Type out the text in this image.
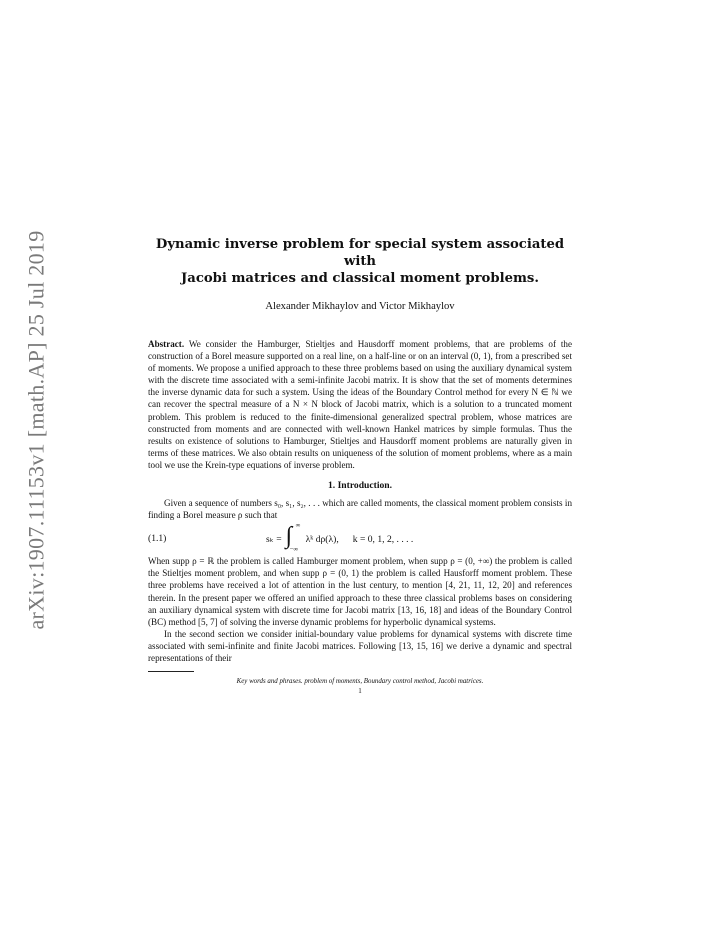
arXiv:1907.11153v1 [math.AP] 25 Jul 2019	Dynamic inverse problem for special system associated with
Jacobi matrices and classical moment problems.
Alexander Mikhaylov and Victor Mikhaylov
Abstract. We consider the Hamburger, Stieltjes and Hausdorff moment problems, that are problems of the construction of a Borel measure supported on a real line, on a half-line or on an interval (0, 1), from a prescribed set of moments. We propose a unified approach to these three problems based on using the auxiliary dynamical system with the discrete time associated with a semi-infinite Jacobi matrix. It is show that the set of moments determines the inverse dynamic data for such a system. Using the ideas of the Boundary Control method for every N ∈ ℕ we can recover the spectral measure of a N × N block of Jacobi matrix, which is a solution to a truncated moment problem. This problem is reduced to the finite-dimensional generalized spectral problem, whose matrices are constructed from moments and are connected with well-known Hankel matrices by simple formulas. Thus the results on existence of solutions to Hamburger, Stieltjes and Hausdorff moment problems are naturally given in terms of these matrices. We also obtain results on uniqueness of the solution of moment problems, where as a main tool we use the Krein-type equations of inverse problem.
1. Introduction.

Given a sequence of numbers s₀, s₁, s₂, . . . which are called moments, the classical moment problem consists in finding a Borel measure ρ such that

(1.1)	sₖ = ∫ ∞
−∞
λᵏ dρ(λ), k = 0, 1, 2, . . . .

When supp ρ = ℝ the problem is called Hamburger moment problem, when supp ρ = (0, +∞) the problem is called the Stieltjes moment problem, and when supp ρ = (0, 1) the problem is called Hausforff moment problem. These three problems have received a lot of attention in the lust century, to mention [4, 21, 11, 12, 20] and references therein. In the present paper we offered an unified approach to these three classical problems bases on considering an auxiliary dynamical system with discrete time for Jacobi matrix [13, 16, 18] and ideas of the Boundary Control (BC) method [5, 7] of solving the inverse dynamic problems for hyperbolic dynamical systems.

In the second section we consider initial-boundary value problems for dynamical systems with discrete time associated with semi-infinite and finite Jacobi matrices. Following [13, 15, 16] we derive a dynamic and spectral representations of their

Key words and phrases. problem of moments, Boundary control method, Jacobi matrices.
1
